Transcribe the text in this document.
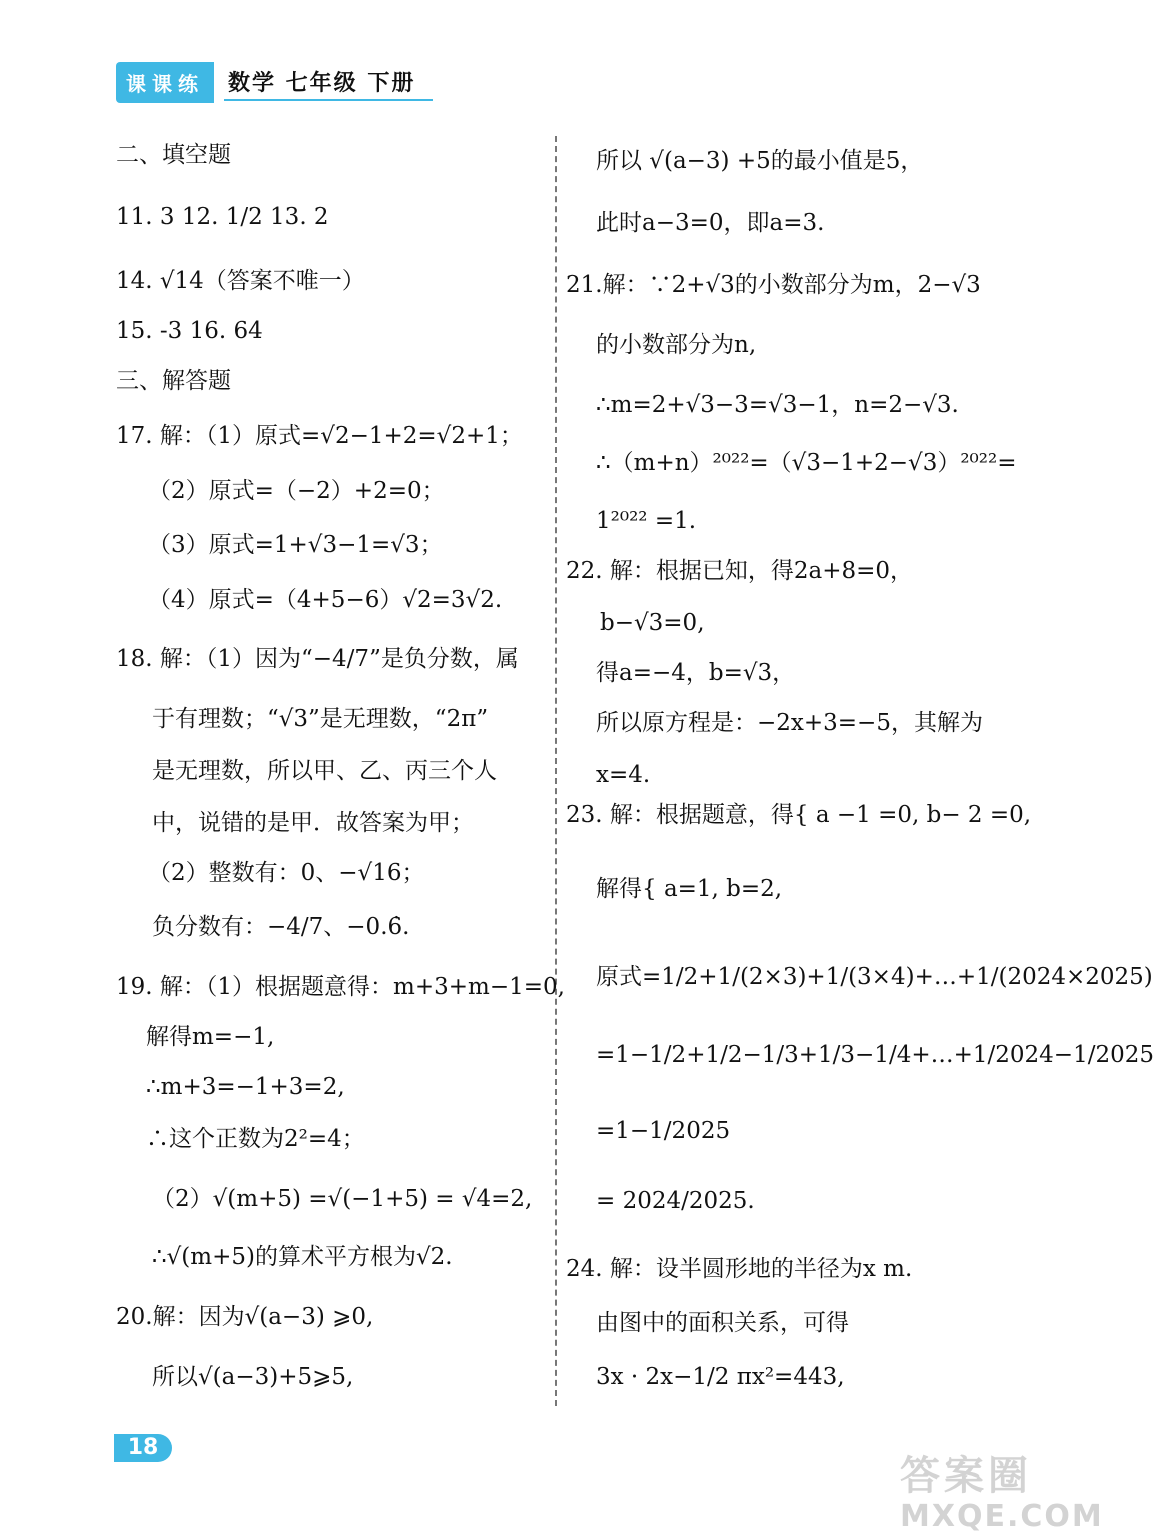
课课练	数学 七年级 下册
二、填空题
11. 3 12. 1/2 13. 2
14. √14（答案不唯一）
15. -3 16. 64
三、解答题
17. 解：（1）原式=√2−1+2=√2+1；
（2）原式=（−2）+2=0；
（3）原式=1+√3−1=√3；
（4）原式=（4+5−6）√2=3√2.
18. 解：（1）因为“−4/7”是负分数，属
于有理数；“√3”是无理数，“2π”
是无理数，所以甲、乙、丙三个人
中，说错的是甲．故答案为甲；
（2）整数有：0、−√16；
负分数有：−4/7、−0.6̇.
19. 解：（1）根据题意得：m+3+m−1=0,
解得m=−1,
∴m+3=−1+3=2,
∴这个正数为2²=4；
（2）√(m+5) =√(−1+5) = √4=2,
∴√(m+5)的算术平方根为√2.
20.解：因为√(a−3) ⩾0,
所以√(a−3)+5⩾5,
所以 √(a−3) +5的最小值是5，
此时a−3=0，即a=3.
21.解：∵2+√3的小数部分为m，2−√3
的小数部分为n,
∴m=2+√3−3=√3−1，n=2−√3.
∴（m+n）²⁰²²=（√3−1+2−√3）²⁰²²=
1²⁰²² =1.
22. 解：根据已知，得2a+8=0，
b−√3=0,
得a=−4，b=√3，
所以原方程是：−2x+3=−5，其解为
x=4.
23. 解：根据题意，得{ a −1 =0, b− 2 =0,
解得{ a=1, b=2,
原式=1/2+1/(2×3)+1/(3×4)+…+1/(2024×2025)
=1−1/2+1/2−1/3+1/3−1/4+…+1/2024−1/2025
=1−1/2025
= 2024/2025.
24. 解：设半圆形地的半径为x m.
由图中的面积关系，可得
3x · 2x−1/2 πx²=443,
18
答案圈
MXQE.COM
